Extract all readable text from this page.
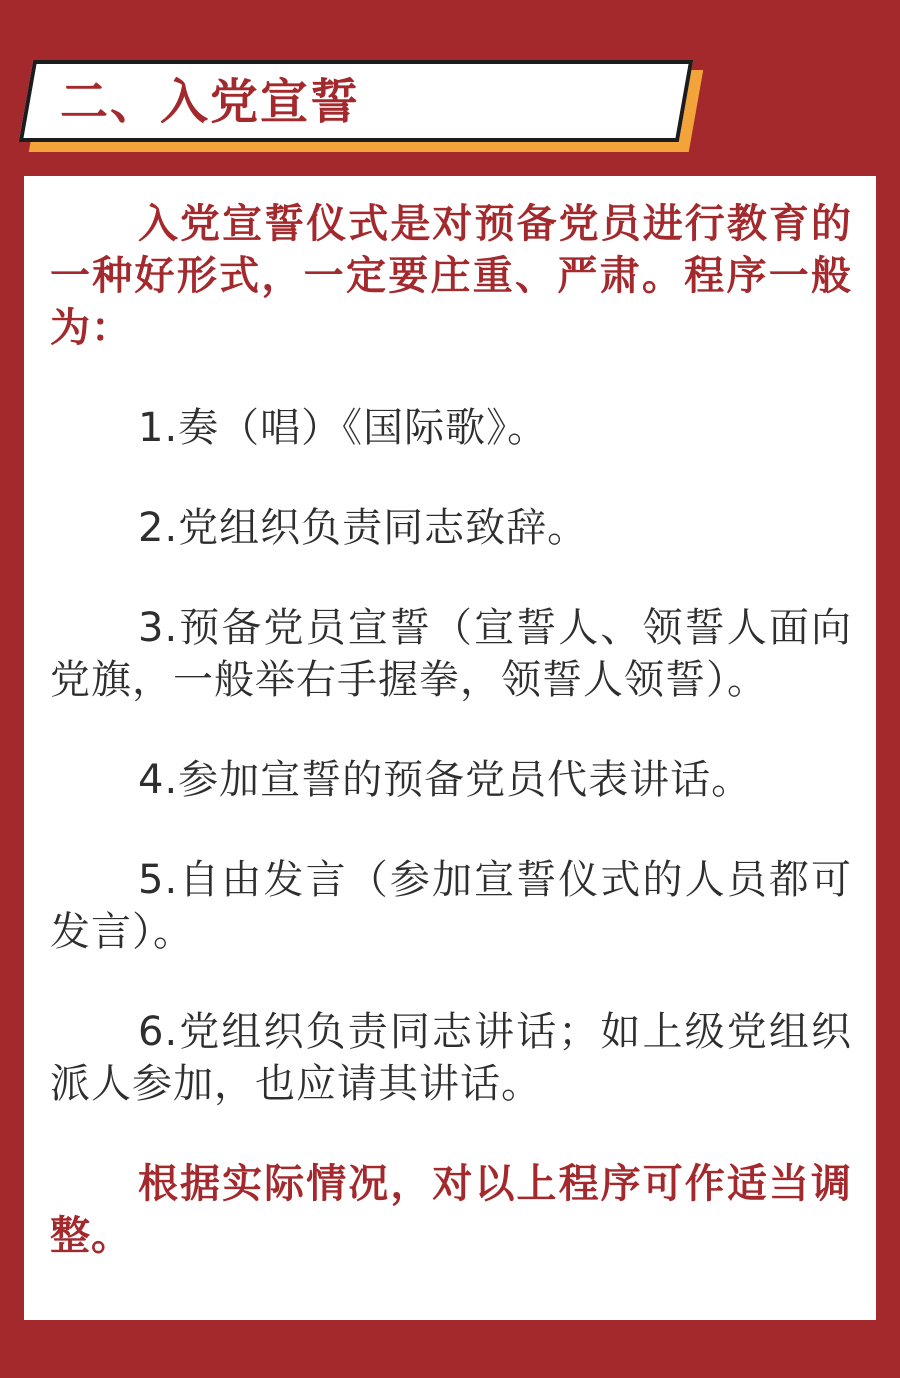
二、入党宣誓

入党宣誓仪式是对预备党员进行教育的一种好形式，一定要庄重、严肃。程序一般为：

1.奏（唱）《国际歌》。

2.党组织负责同志致辞。

3.预备党员宣誓（宣誓人、领誓人面向党旗，一般举右手握拳，领誓人领誓）。

4.参加宣誓的预备党员代表讲话。

5.自由发言（参加宣誓仪式的人员都可发言）。

6.党组织负责同志讲话；如上级党组织派人参加，也应请其讲话。

根据实际情况，对以上程序可作适当调整。
